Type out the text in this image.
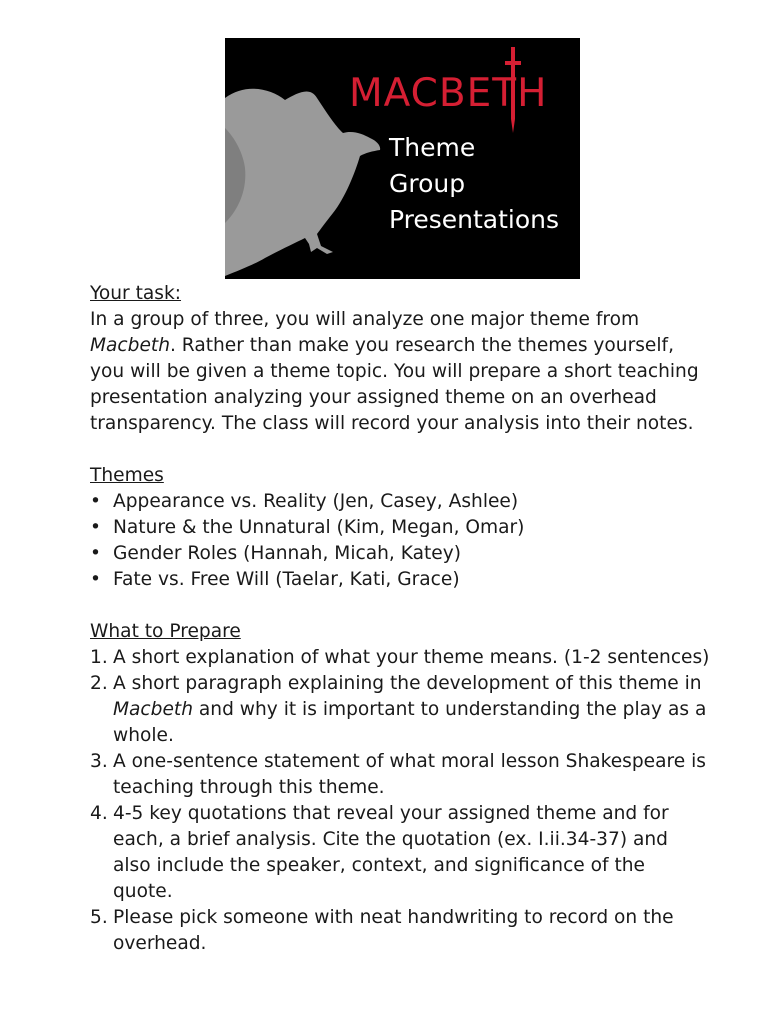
MACBETH
Theme
Group
Presentations
Your task:

In a group of three, you will analyze one major theme from Macbeth. Rather than make you research the themes yourself, you will be given a theme topic. You will prepare a short teaching presentation analyzing your assigned theme on an overhead transparency. The class will record your analysis into their notes.

Themes
• Appearance vs. Reality (Jen, Casey, Ashlee)
• Nature & the Unnatural (Kim, Megan, Omar)
• Gender Roles (Hannah, Micah, Katey)
• Fate vs. Free Will (Taelar, Kati, Grace)
What to Prepare
1. A short explanation of what your theme means. (1-2 sentences)
2. A short paragraph explaining the development of this theme in Macbeth and why it is important to understanding the play as a whole.
3. A one-sentence statement of what moral lesson Shakespeare is teaching through this theme.
4. 4-5 key quotations that reveal your assigned theme and for each, a brief analysis. Cite the quotation (ex. I.ii.34-37) and also include the speaker, context, and significance of the quote.
5. Please pick someone with neat handwriting to record on the overhead.
